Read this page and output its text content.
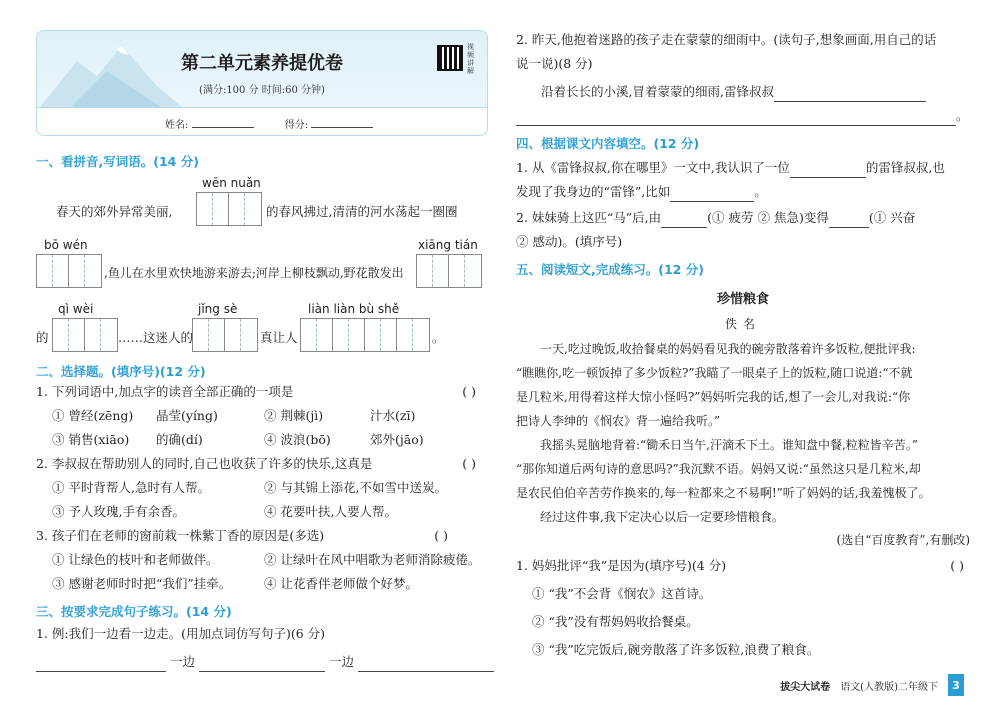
第二单元素养提优卷
(满分:100 分 时间:60 分钟)
视频讲解
姓名:	得分:
一、看拼音,写词语。(14 分)
wēn nuǎn
春天的郊外异常美丽,	的春风拂过,清清的河水荡起一圈圈
bō wén
,鱼儿在水里欢快地游来游去;河岸上柳枝飘动,野花散发出
xiāng tián
的
qì wèi
……这迷人的
jǐng sè
真让人
liàn liàn bù shě
。
二、选择题。(填序号)(12 分)
1. 下列词语中,加点字的读音全部正确的一项是	( )
① 曾经(zēng) 晶莹(yíng)	② 荆棘(jì)	汁水(zī)
③ 销售(xiāo) 的确(dí)	④ 波浪(bō)	郊外(jāo)
2. 李叔叔在帮助别人的同时,自己也收获了许多的快乐,这真是	( )
① 平时背帮人,急时有人帮。	② 与其锦上添花,不如雪中送炭。
③ 予人玫瑰,手有余香。	④ 花要叶扶,人要人帮。
3. 孩子们在老师的窗前栽一株紫丁香的原因是(多选)	( )
① 让绿色的枝叶和老师做伴。	② 让绿叶在风中唱歌为老师消除疲倦。
③ 感谢老师时时把“我们”挂牵。	④ 让花香伴老师做个好梦。
三、按要求完成句子练习。(14 分)
1. 例:我们一边看一边走。(用加点词仿写句子)(6 分)
一边	一边
2. 昨天,他抱着迷路的孩子走在蒙蒙的细雨中。(读句子,想象画面,用自己的话
说一说)(8 分)
沿着长长的小溪,冒着蒙蒙的细雨,雷锋叔叔
。
四、根据课文内容填空。(12 分)
1. 从《雷锋叔叔,你在哪里》一文中,我认识了一位	的雷锋叔叔,也
发现了我身边的“雷锋”,比如	。
2. 妹妹骑上这匹“马”后,由	(① 疲劳 ② 焦急)变得	(① 兴奋
② 感动)。(填序号)
五、阅读短文,完成练习。(12 分)
珍惜粮食
佚名
一天,吃过晚饭,收拾餐桌的妈妈看见我的碗旁散落着许多饭粒,便批评我:
“瞧瞧你,吃一顿饭掉了多少饭粒?”我瞄了一眼桌子上的饭粒,随口说道:“不就
是几粒米,用得着这样大惊小怪吗?”妈妈听完我的话,想了一会儿,对我说:“你
把诗人李绅的《悯农》背一遍给我听。”
我摇头晃脑地背着:“锄禾日当午,汗滴禾下土。谁知盘中餐,粒粒皆辛苦。”
“那你知道后两句诗的意思吗?”我沉默不语。妈妈又说:“虽然这只是几粒米,却
是农民伯伯辛苦劳作换来的,每一粒都来之不易啊!”听了妈妈的话,我羞愧极了。
经过这件事,我下定决心以后一定要珍惜粮食。
(选自“百度教育”,有删改)
1. 妈妈批评“我”是因为(填序号)(4 分)	( )
① “我”不会背《悯农》这首诗。
② “我”没有帮妈妈收拾餐桌。
③ “我”吃完饭后,碗旁散落了许多饭粒,浪费了粮食。
拔尖大试卷 语文(人教版)二年级下	3
